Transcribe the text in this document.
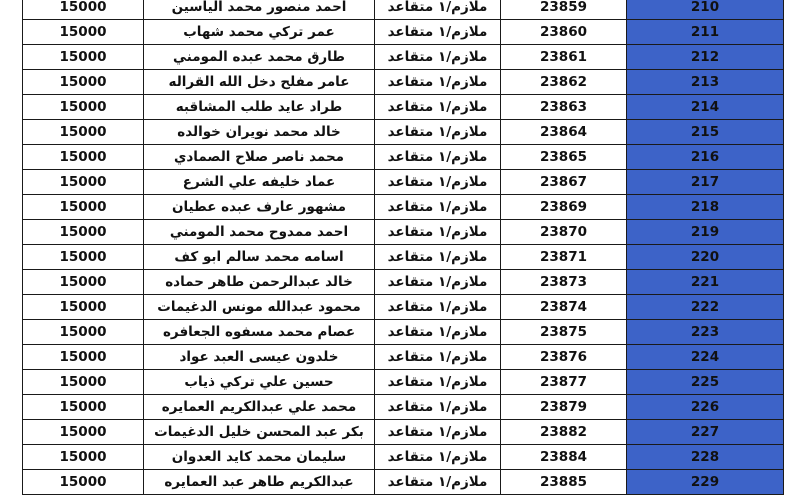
15000	احمد منصور محمد الياسين	ملازم/١ متقاعد	23859	210
15000	عمر تركي محمد شهاب	ملازم/١ متقاعد	23860	211
15000	طارق محمد عبده المومني	ملازم/١ متقاعد	23861	212
15000	عامر مفلح دخل الله القراله	ملازم/١ متقاعد	23862	213
15000	طراد عايد طلب المشاقبه	ملازم/١ متقاعد	23863	214
15000	خالد محمد نويران خوالده	ملازم/١ متقاعد	23864	215
15000	محمد ناصر صلاح الصمادي	ملازم/١ متقاعد	23865	216
15000	عماد خليفه علي الشرع	ملازم/١ متقاعد	23867	217
15000	مشهور عارف عبده عطيان	ملازم/١ متقاعد	23869	218
15000	احمد ممدوح محمد المومني	ملازم/١ متقاعد	23870	219
15000	اسامه محمد سالم ابو كف	ملازم/١ متقاعد	23871	220
15000	خالد عبدالرحمن طاهر حماده	ملازم/١ متقاعد	23873	221
15000	محمود عبدالله مونس الدغيمات	ملازم/١ متقاعد	23874	222
15000	عصام محمد مسفوه الجعافره	ملازم/١ متقاعد	23875	223
15000	خلدون عيسى العبد عواد	ملازم/١ متقاعد	23876	224
15000	حسين علي تركي ذياب	ملازم/١ متقاعد	23877	225
15000	محمد علي عبدالكريم العمايره	ملازم/١ متقاعد	23879	226
15000	بكر عبد المحسن خليل الدغيمات	ملازم/١ متقاعد	23882	227
15000	سليمان محمد كايد العدوان	ملازم/١ متقاعد	23884	228
15000	عبدالكريم طاهر عبد العمايره	ملازم/١ متقاعد	23885	229
